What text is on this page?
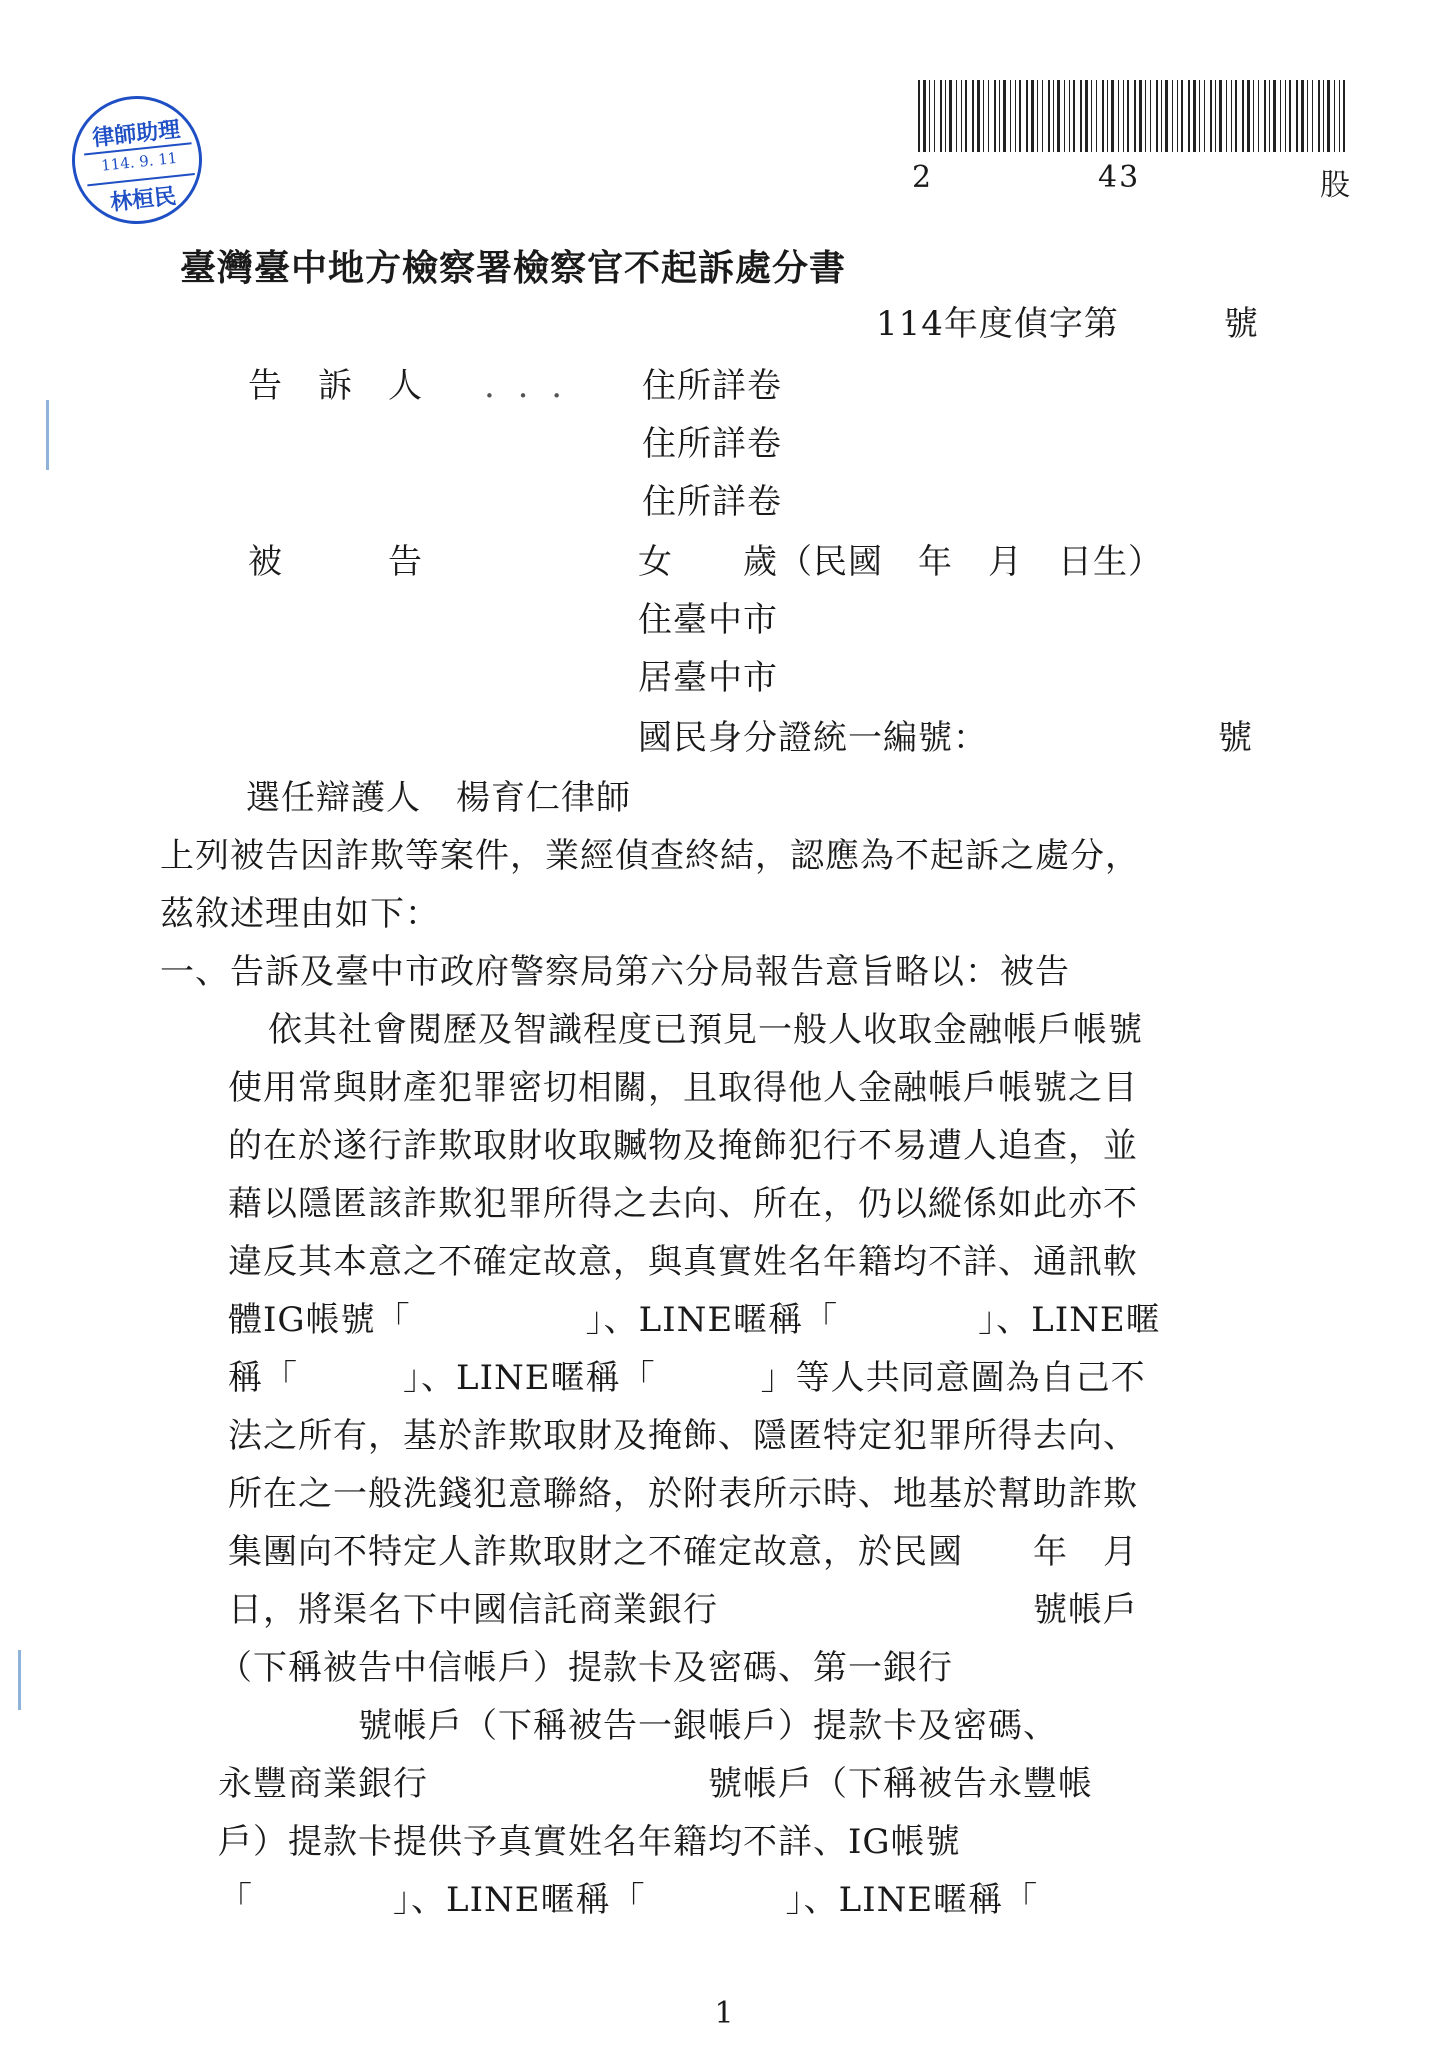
律師助理
114. 9. 11
林桓民
2	43	股
臺灣臺中地方檢察署檢察官不起訴處分書
114年度偵字第　　　號
告　訴　人 . . . 住所詳卷
住所詳卷
住所詳卷
被　　　告	女　　歲（民國　年　月　日生）
住臺中市
居臺中市
國民身分證統一編號：	號
選任辯護人　楊育仁律師
上列被告因詐欺等案件，業經偵查終結，認應為不起訴之處分，
茲敘述理由如下：
一、告訴及臺中市政府警察局第六分局報告意旨略以：被告
依其社會閱歷及智識程度已預見一般人收取金融帳戶帳號
使用常與財產犯罪密切相關，且取得他人金融帳戶帳號之目
的在於遂行詐欺取財收取贓物及掩飾犯行不易遭人追查，並
藉以隱匿該詐欺犯罪所得之去向、所在，仍以縱係如此亦不
違反其本意之不確定故意，與真實姓名年籍均不詳、通訊軟
體IG帳號「　　　　　」、LINE暱稱「　　　　」、LINE暱
稱「　　　」、LINE暱稱「　　　」等人共同意圖為自己不
法之所有，基於詐欺取財及掩飾、隱匿特定犯罪所得去向、
所在之一般洗錢犯意聯絡，於附表所示時、地基於幫助詐欺
集團向不特定人詐欺取財之不確定故意，於民國　　年　月
日，將渠名下中國信託商業銀行　　　　　　　　　號帳戶
（下稱被告中信帳戶）提款卡及密碼、第一銀行
　　　　號帳戶（下稱被告一銀帳戶）提款卡及密碼、
永豐商業銀行　　　　　　　　號帳戶（下稱被告永豐帳
戶）提款卡提供予真實姓名年籍均不詳、IG帳號
「　　　　」、LINE暱稱「　　　　」、LINE暱稱「
1
